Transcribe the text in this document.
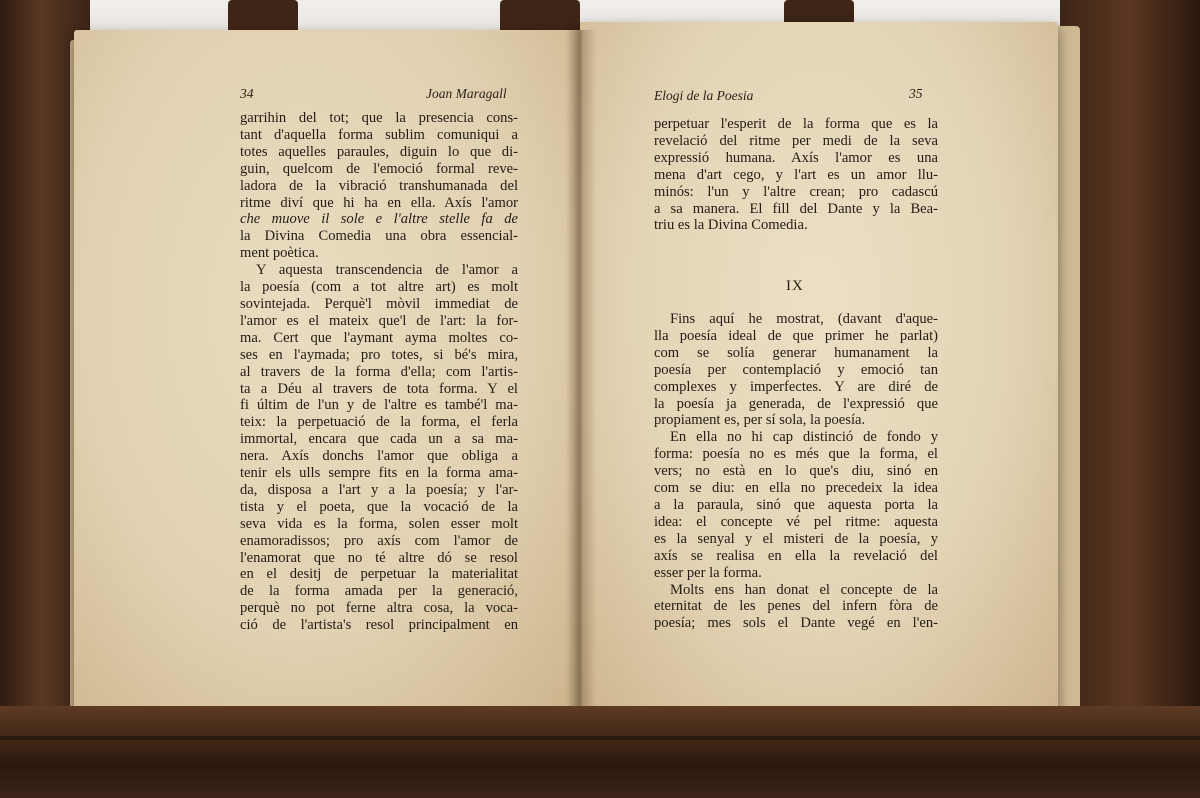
34	Joan Maragall	Elogi de la Poesia	35
garrihin del tot; que la presencia cons-
tant d'aquella forma sublim comuniqui a
totes aquelles paraules, diguin lo que di-
guin, quelcom de l'emoció formal reve-
ladora de la vibració transhumanada del
ritme diví que hi ha en ella. Axís l'amor
che muove il sole e l'altre stelle fa de
la Divina Comedia una obra essencial-
ment poètica.
Y aquesta transcendencia de l'amor a
la poesía (com a tot altre art) es molt
sovintejada. Perquè'l mòvil immediat de
l'amor es el mateix que'l de l'art: la for-
ma. Cert que l'aymant ayma moltes co-
ses en l'aymada; pro totes, si bé's mira,
al travers de la forma d'ella; com l'artis-
ta a Déu al travers de tota forma. Y el
fi últim de l'un y de l'altre es també'l ma-
teix: la perpetuació de la forma, el ferla
immortal, encara que cada un a sa ma-
nera. Axís donchs l'amor que obliga a
tenir els ulls sempre fits en la forma ama-
da, disposa a l'art y a la poesía; y l'ar-
tista y el poeta, que la vocació de la
seva vida es la forma, solen esser molt
enamoradissos; pro axís com l'amor de
l'enamorat que no té altre dó se resol
en el desitj de perpetuar la materialitat
de la forma amada per la generació,
perquè no pot ferne altra cosa, la voca-
ció de l'artista's resol principalment en
perpetuar l'esperit de la forma que es la
revelació del ritme per medi de la seva
expressió humana. Axís l'amor es una
mena d'art cego, y l'art es un amor llu-
minós: l'un y l'altre crean; pro cadascú
a sa manera. El fill del Dante y la Bea-
triu es la Divina Comedia.
IX
Fins aquí he mostrat, (davant d'aque-
lla poesía ideal de que primer he parlat)
com se solía generar humanament la
poesía per contemplació y emoció tan
complexes y imperfectes. Y are diré de
la poesía ja generada, de l'expressió que
propiament es, per sí sola, la poesía.
En ella no hi cap distinció de fondo y
forma: poesía no es més que la forma, el
vers; no està en lo que's diu, sinó en
com se diu: en ella no precedeix la idea
a la paraula, sinó que aquesta porta la
idea: el concepte vé pel ritme: aquesta
es la senyal y el misteri de la poesía, y
axís se realisa en ella la revelació del
esser per la forma.
Molts ens han donat el concepte de la
eternitat de les penes del infern fòra de
poesía; mes sols el Dante vegé en l'en-
